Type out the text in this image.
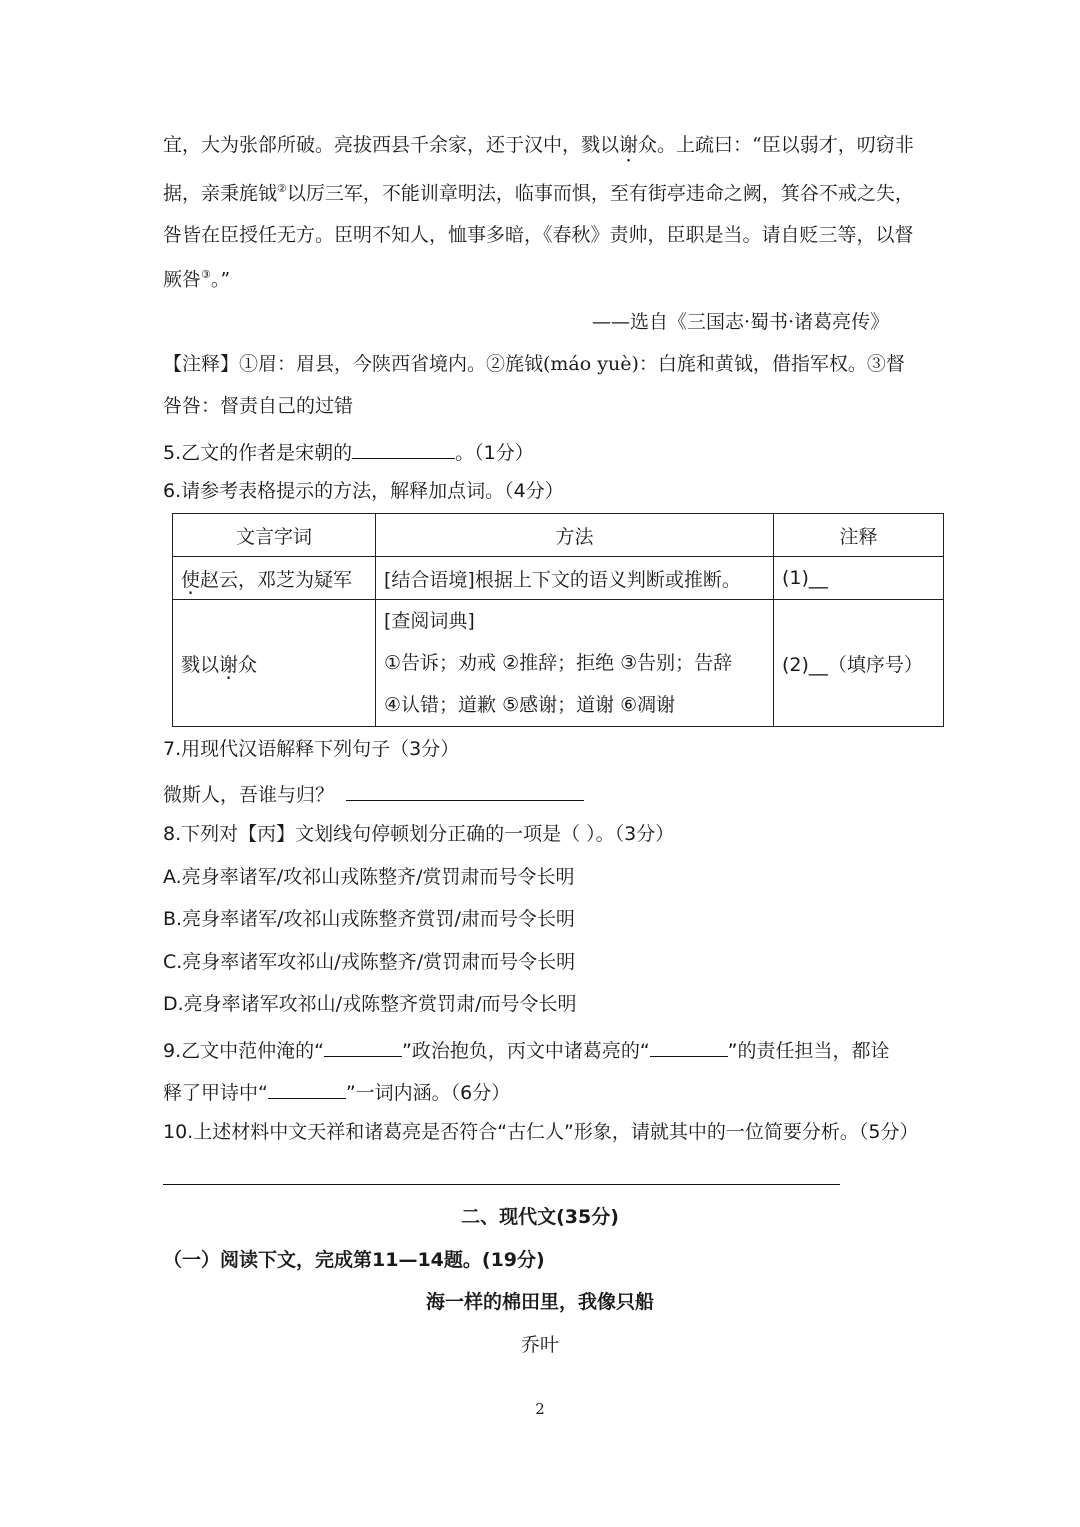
宜，大为张郃所破。亮拔西县千余家，还于汉中，戮以谢众。上疏曰：“臣以弱才，叨窃非
据，亲秉旄钺②以厉三军，不能训章明法，临事而惧，至有街亭违命之阙，箕谷不戒之失，
咎皆在臣授任无方。臣明不知人，恤事多暗，《春秋》责帅，臣职是当。请自贬三等，以督
厥咎③。”
——选自《三国志·蜀书·诸葛亮传》
【注释】①眉：眉县，今陕西省境内。②旄钺(máo yuè)：白旄和黄钺，借指军权。③督
咎咎：督责自己的过错
5.乙文的作者是宋朝的	。（1分）
6.请参考表格提示的方法，解释加点词。（4分）
文言字词	方法	注释
使赵云，邓芝为疑军	[结合语境]根据上下文的语义判断或推断。	(1)__
戮以谢众	[查阅词典]
①告诉；劝戒 ②推辞；拒绝 ③告别；告辞
④认错；道歉 ⑤感谢；道谢 ⑥凋谢	(2)__（填序号）
7.用现代汉语解释下列句子（3分）
微斯人，吾谁与归？
8.下列对【丙】文划线句停顿划分正确的一项是（ ）。（3分）
A.亮身率诸军/攻祁山戎陈整齐/赏罚肃而号令长明
B.亮身率诸军/攻祁山戎陈整齐赏罚/肃而号令长明
C.亮身率诸军攻祁山/戎陈整齐/赏罚肃而号令长明
D.亮身率诸军攻祁山/戎陈整齐赏罚肃/而号令长明
9.乙文中范仲淹的“	”政治抱负，丙文中诸葛亮的“	”的责任担当，都诠
释了甲诗中“	”一词内涵。（6分）
10.上述材料中文天祥和诸葛亮是否符合“古仁人”形象，请就其中的一位简要分析。（5分）
二、现代文(35分)
（一）阅读下文，完成第11—14题。(19分)
海一样的棉田里，我像只船
乔叶
2
